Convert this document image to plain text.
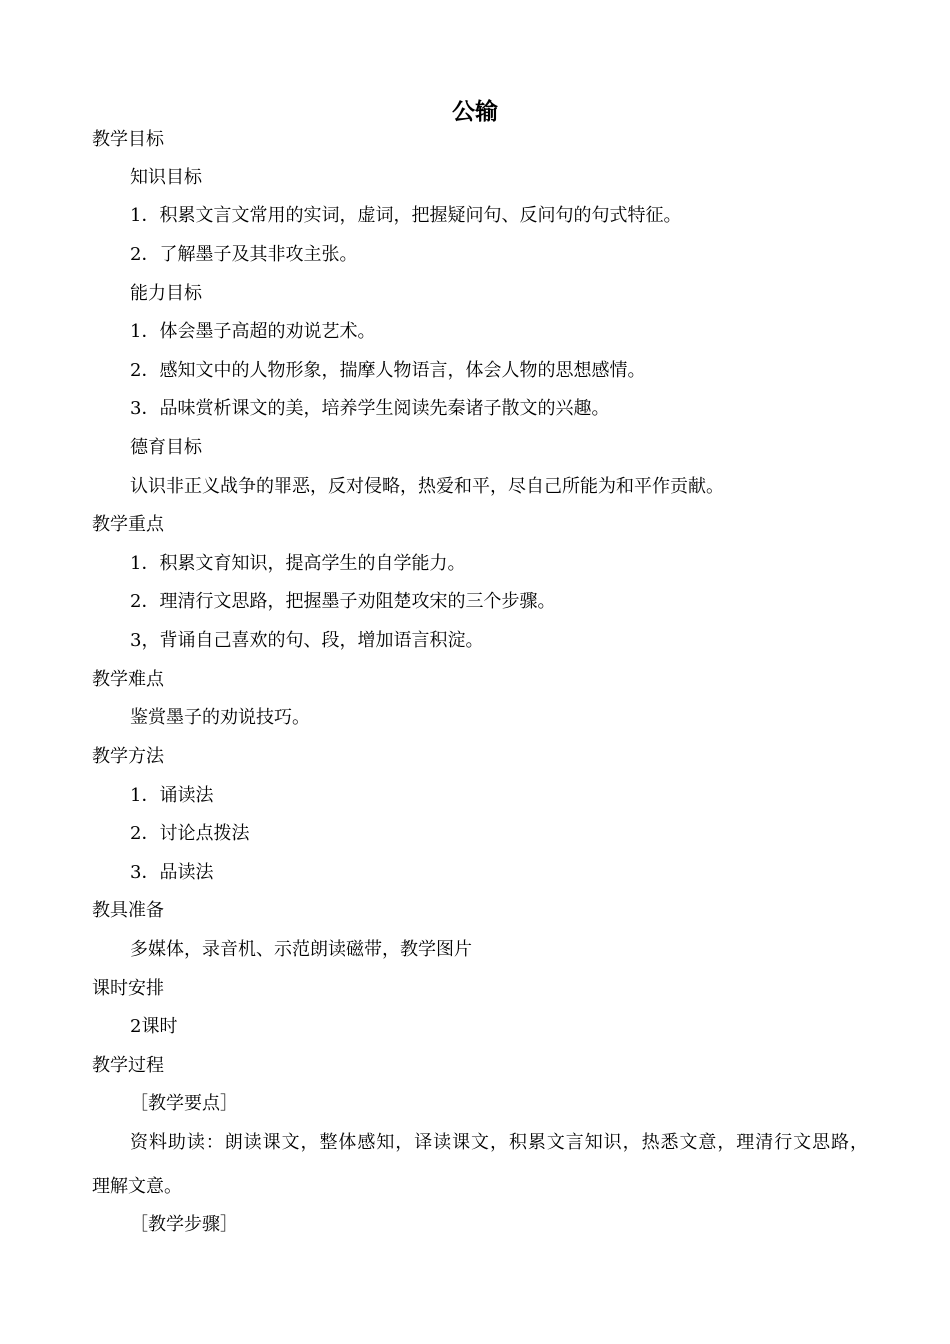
公输

教学目标

知识目标

1．积累文言文常用的实词，虚词，把握疑问句、反问句的句式特征。

2．了解墨子及其非攻主张。

能力目标

1．体会墨子高超的劝说艺术。

2．感知文中的人物形象，揣摩人物语言，体会人物的思想感情。

3．品味赏析课文的美，培养学生阅读先秦诸子散文的兴趣。

德育目标

认识非正义战争的罪恶，反对侵略，热爱和平，尽自己所能为和平作贡献。

教学重点

1．积累文育知识，提高学生的自学能力。

2．理清行文思路，把握墨子劝阻楚攻宋的三个步骤。

3，背诵自己喜欢的句、段，增加语言积淀。

教学难点

鉴赏墨子的劝说技巧。

教学方法

1．诵读法

2．讨论点拨法

3．品读法

教具准备

多媒体，录音机、示范朗读磁带，教学图片

课时安排

2课时

教学过程

［教学要点］

资料助读：朗读课文，整体感知，译读课文，积累文言知识，热悉文意，理清行文思路，

理解文意。

［教学步骤］
